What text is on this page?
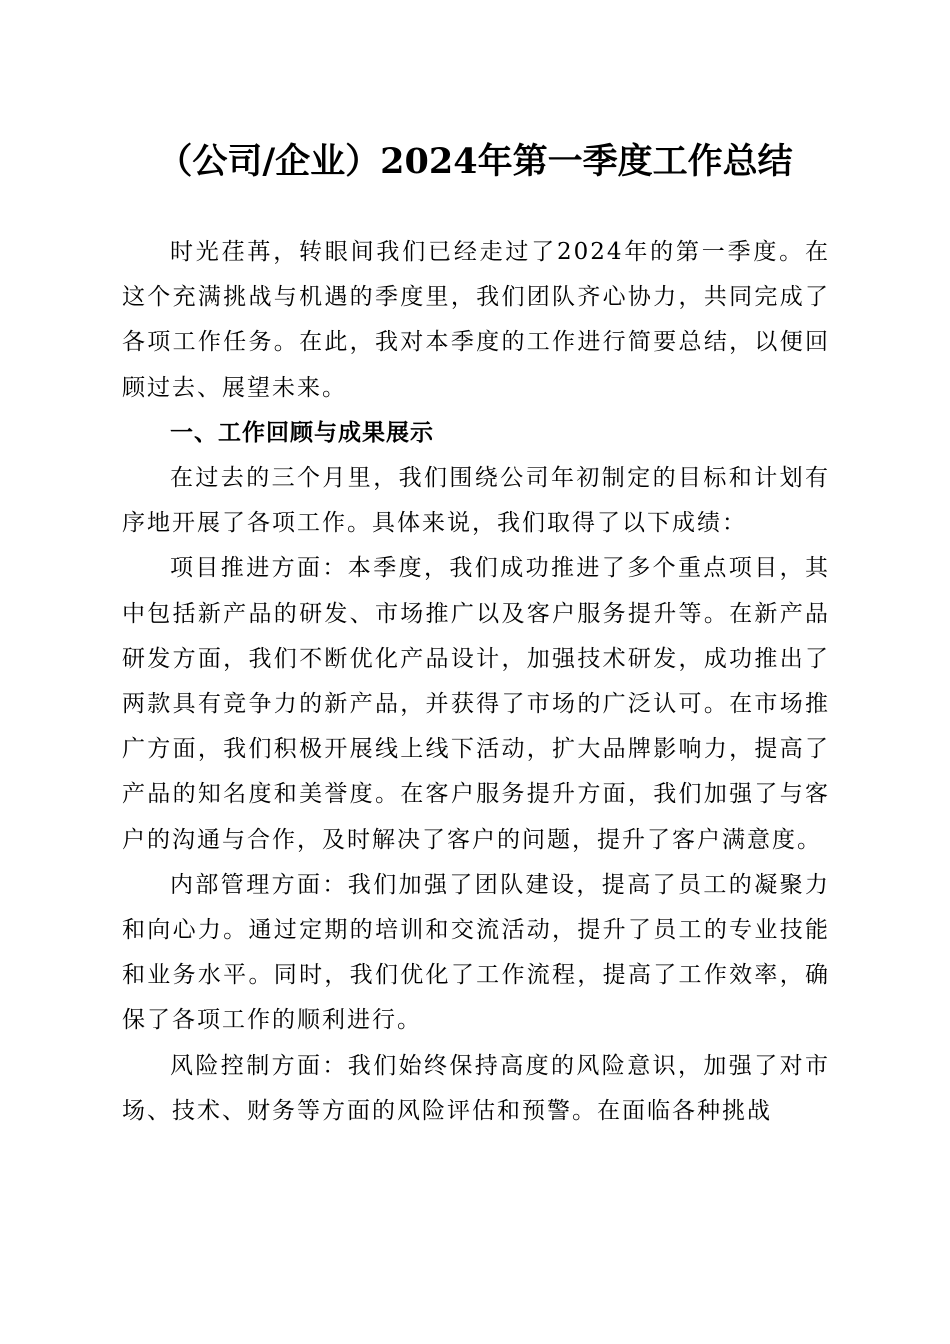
（公司/企业）2024年第一季度工作总结

时光荏苒，转眼间我们已经走过了2024年的第一季度。在这个充满挑战与机遇的季度里，我们团队齐心协力，共同完成了各项工作任务。在此，我对本季度的工作进行简要总结，以便回顾过去、展望未来。

一、工作回顾与成果展示

在过去的三个月里，我们围绕公司年初制定的目标和计划有序地开展了各项工作。具体来说，我们取得了以下成绩：

项目推进方面：本季度，我们成功推进了多个重点项目，其中包括新产品的研发、市场推广以及客户服务提升等。在新产品研发方面，我们不断优化产品设计，加强技术研发，成功推出了两款具有竞争力的新产品，并获得了市场的广泛认可。在市场推广方面，我们积极开展线上线下活动，扩大品牌影响力，提高了产品的知名度和美誉度。在客户服务提升方面，我们加强了与客户的沟通与合作，及时解决了客户的问题，提升了客户满意度。

内部管理方面：我们加强了团队建设，提高了员工的凝聚力和向心力。通过定期的培训和交流活动，提升了员工的专业技能和业务水平。同时，我们优化了工作流程，提高了工作效率，确保了各项工作的顺利进行。

风险控制方面：我们始终保持高度的风险意识，加强了对市场、技术、财务等方面的风险评估和预警。在面临各种挑战
